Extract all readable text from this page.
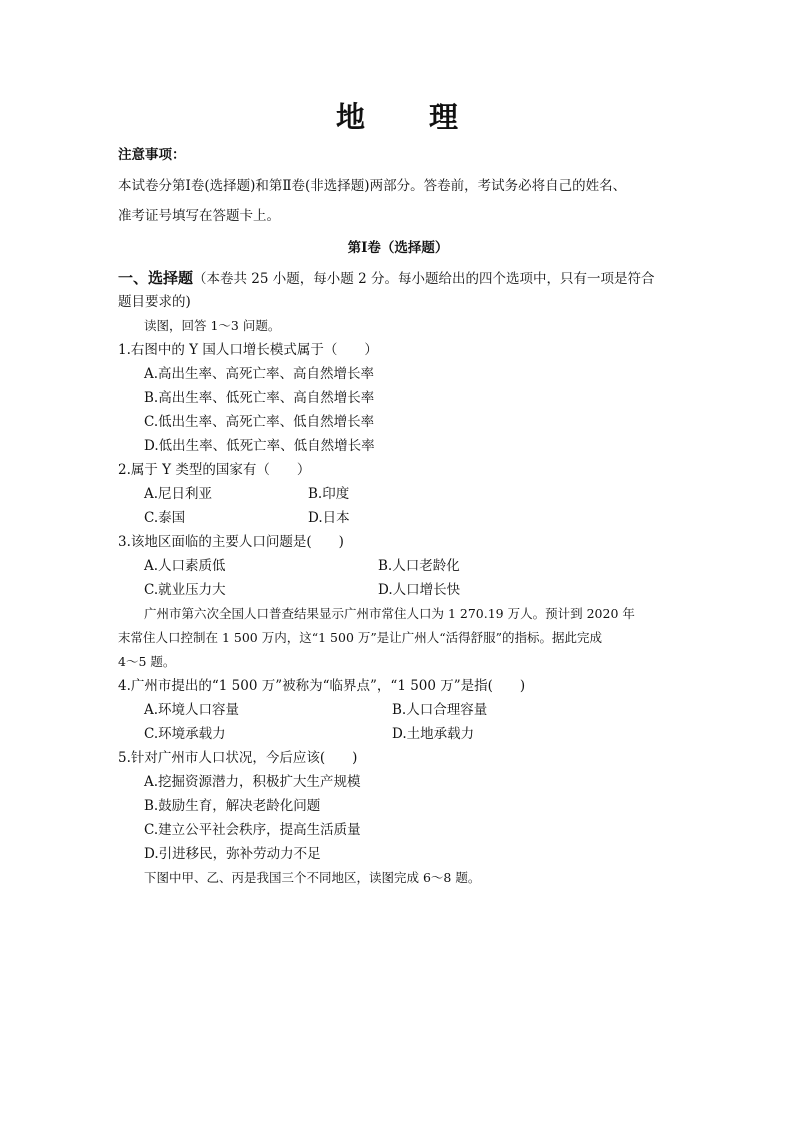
地 理
注意事项：
本试卷分第Ⅰ卷(选择题)和第Ⅱ卷(非选择题)两部分。答卷前，考试务必将自己的姓名、
准考证号填写在答题卡上。
第Ⅰ卷（选择题）
一、选择题（本卷共 25 小题，每小题 2 分。每小题给出的四个选项中，只有一项是符合
题目要求的)
读图，回答 1～3 问题。
1.右图中的 Y 国人口增长模式属于（　　）
A.高出生率、高死亡率、高自然增长率
B.高出生率、低死亡率、高自然增长率
C.低出生率、高死亡率、低自然增长率
D.低出生率、低死亡率、低自然增长率
2.属于 Y 类型的国家有（　　）
A.尼日利亚	B.印度
C.泰国	D.日本
3.该地区面临的主要人口问题是(　　)
A.人口素质低	B.人口老龄化
C.就业压力大	D.人口增长快
广州市第六次全国人口普查结果显示广州市常住人口为 1 270.19 万人。预计到 2020 年
末常住人口控制在 1 500 万内，这“1 500 万”是让广州人“活得舒服”的指标。据此完成
4～5 题。
4.广州市提出的“1 500 万”被称为“临界点”，“1 500 万”是指(　　)
A.环境人口容量	B.人口合理容量
C.环境承载力	D.土地承载力
5.针对广州市人口状况，今后应该(　　)
A.挖掘资源潜力，积极扩大生产规模
B.鼓励生育，解决老龄化问题
C.建立公平社会秩序，提高生活质量
D.引进移民，弥补劳动力不足
下图中甲、乙、丙是我国三个不同地区，读图完成 6～8 题。
